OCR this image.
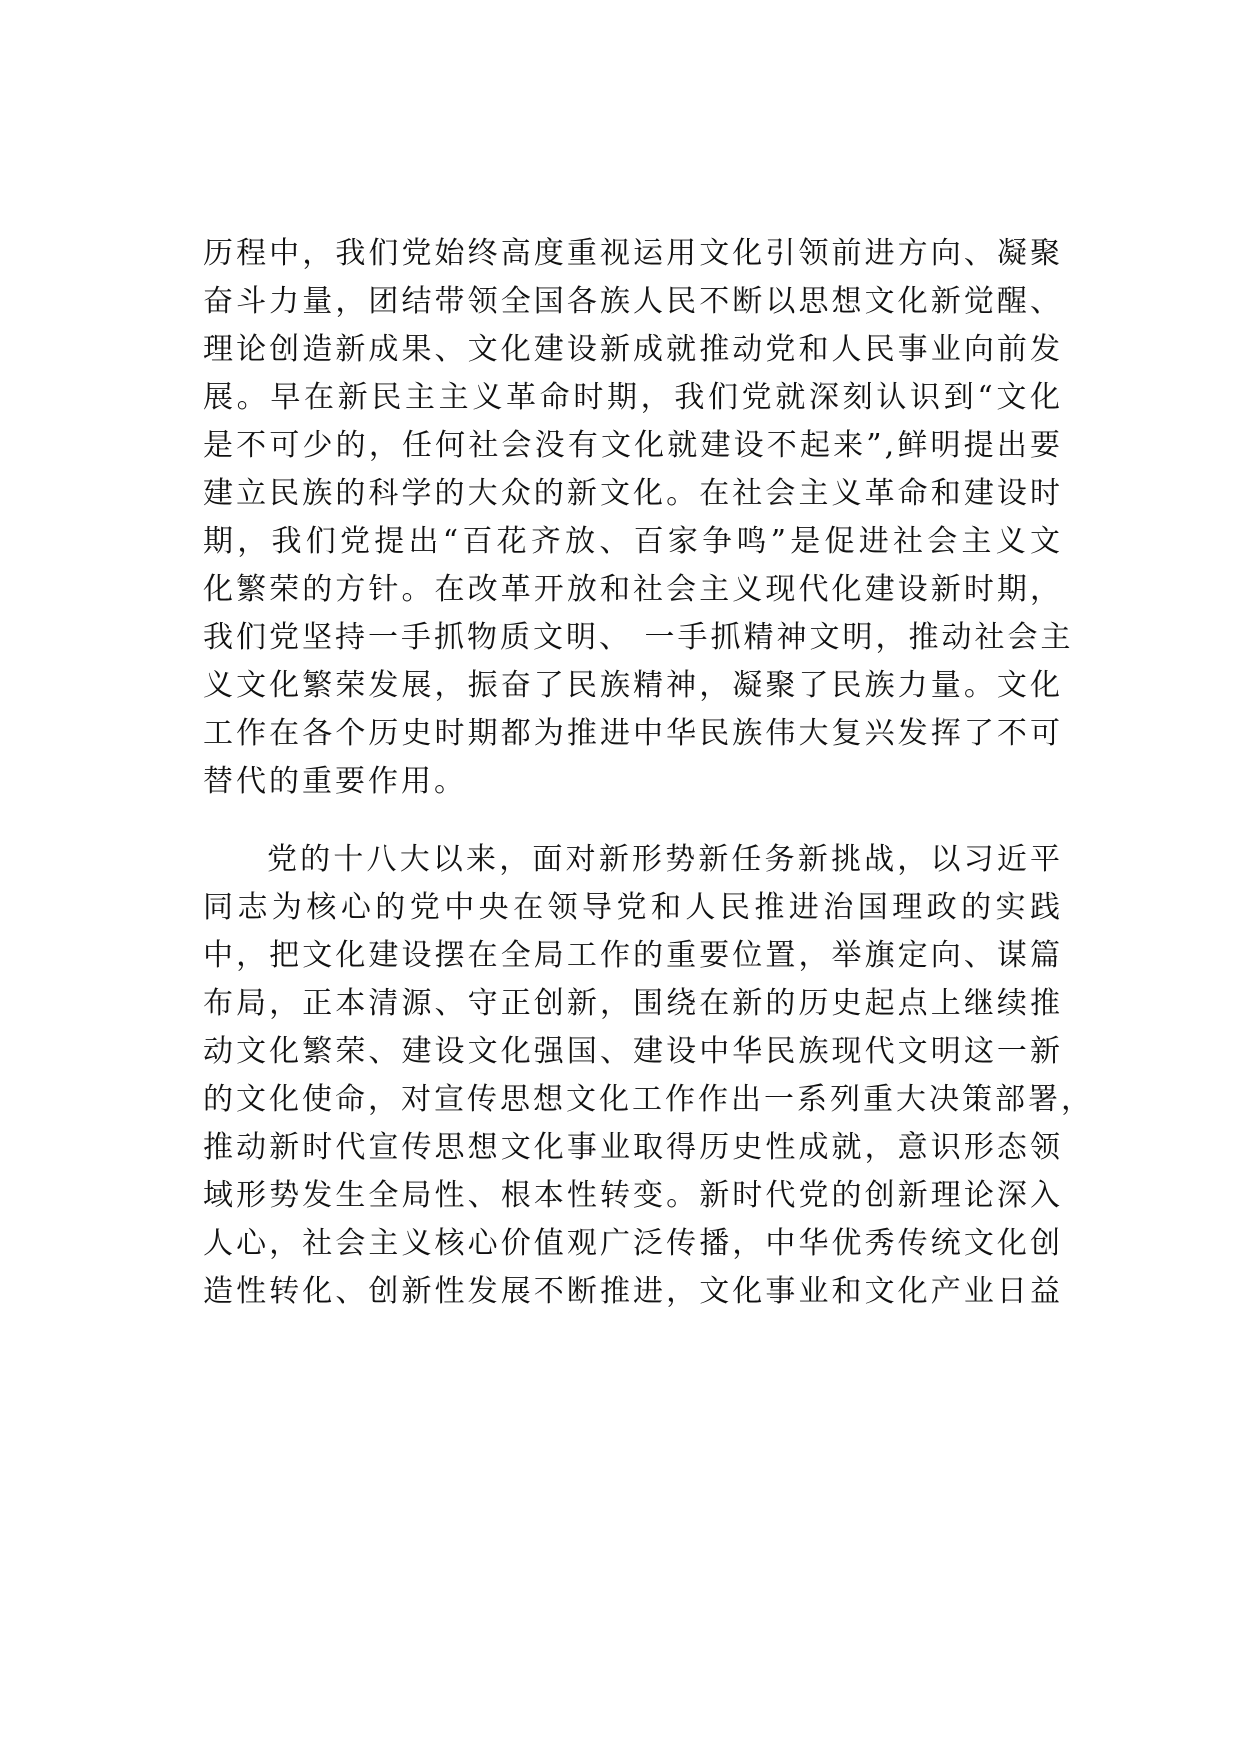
历程中，我们党始终高度重视运用文化引领前进方向、凝聚
奋斗力量，团结带领全国各族人民不断以思想文化新觉醒、
理论创造新成果、文化建设新成就推动党和人民事业向前发
展。早在新民主主义革命时期，我们党就深刻认识到“文化
是不可少的，任何社会没有文化就建设不起来”,鲜明提出要
建立民族的科学的大众的新文化。在社会主义革命和建设时
期，我们党提出“百花齐放、百家争鸣”是促进社会主义文
化繁荣的方针。在改革开放和社会主义现代化建设新时期，
我们党坚持一手抓物质文明、 一手抓精神文明，推动社会主
义文化繁荣发展，振奋了民族精神，凝聚了民族力量。文化
工作在各个历史时期都为推进中华民族伟大复兴发挥了不可
替代的重要作用。
党的十八大以来，面对新形势新任务新挑战，以习近平
同志为核心的党中央在领导党和人民推进治国理政的实践
中，把文化建设摆在全局工作的重要位置，举旗定向、谋篇
布局，正本清源、守正创新，围绕在新的历史起点上继续推
动文化繁荣、建设文化强国、建设中华民族现代文明这一新
的文化使命，对宣传思想文化工作作出一系列重大决策部署，
推动新时代宣传思想文化事业取得历史性成就，意识形态领
域形势发生全局性、根本性转变。新时代党的创新理论深入
人心，社会主义核心价值观广泛传播，中华优秀传统文化创
造性转化、创新性发展不断推进，文化事业和文化产业日益
